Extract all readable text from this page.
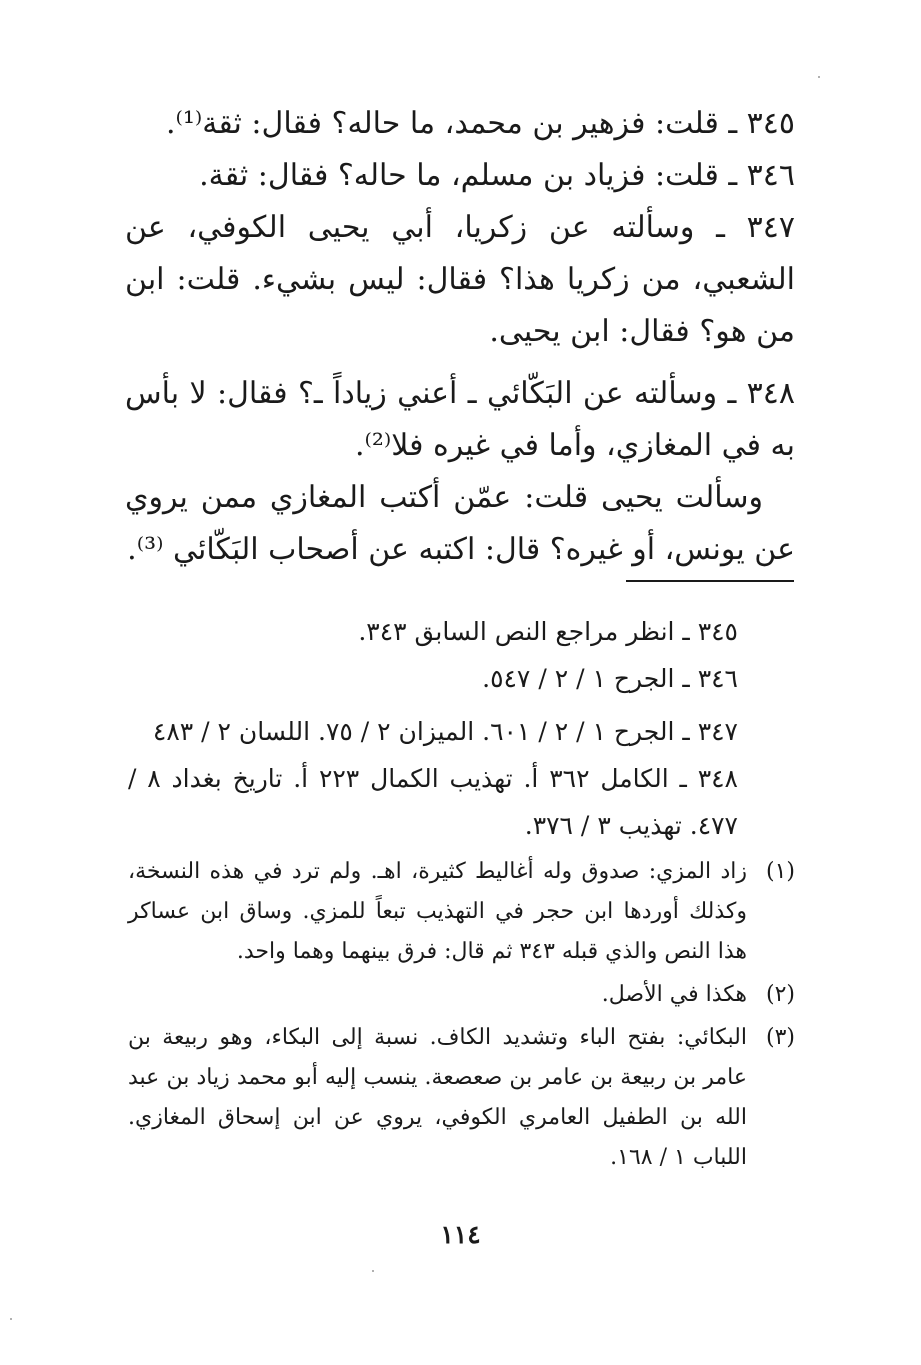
٣٤٥ ـ قلت: فزهير بن محمد، ما حاله؟ فقال: ثقة⁽¹⁾.

٣٤٦ ـ قلت: فزياد بن مسلم، ما حاله؟ فقال: ثقة.

٣٤٧ ـ وسألته عن زكريا، أبي يحيى الكوفي، عن الشعبي، من زكريا هذا؟ فقال: ليس بشيء. قلت: ابن من هو؟ فقال: ابن يحيى.

٣٤٨ ـ وسألته عن البَكّائي ـ أعني زياداً ـ؟ فقال: لا بأس به في المغازي، وأما في غيره فلا⁽²⁾.

وسألت يحيى قلت: عمّن أكتب المغازي ممن يروي عن يونس، أو غيره؟ قال: اكتبه عن أصحاب البَكّائي ⁽³⁾.

٣٤٥ ـ انظر مراجع النص السابق ٣٤٣.

٣٤٦ ـ الجرح ١ / ٢ / ٥٤٧.

٣٤٧ ـ الجرح ١ / ٢ / ٦٠١. الميزان ٢ / ٧٥. اللسان ٢ / ٤٨٣

٣٤٨ ـ الكامل ٣٦٢ أ. تهذيب الكمال ٢٢٣ أ. تاريخ بغداد ٨ / ٤٧٧. تهذيب ٣ / ٣٧٦.

(١)
زاد المزي: صدوق وله أغاليط كثيرة، اهـ. ولم ترد في هذه النسخة، وكذلك أوردها ابن حجر في التهذيب تبعاً للمزي. وساق ابن عساكر هذا النص والذي قبله ٣٤٣ ثم قال: فرق بينهما وهما واحد.
(٢)
هكذا في الأصل.
(٣)
البكائي: بفتح الباء وتشديد الكاف. نسبة إلى البكاء، وهو ربيعة بن عامر بن ربيعة بن عامر بن صعصعة. ينسب إليه أبو محمد زياد بن عبد الله بن الطفيل العامري الكوفي، يروي عن ابن إسحاق المغازي. اللباب ١ / ١٦٨.
١١٤
